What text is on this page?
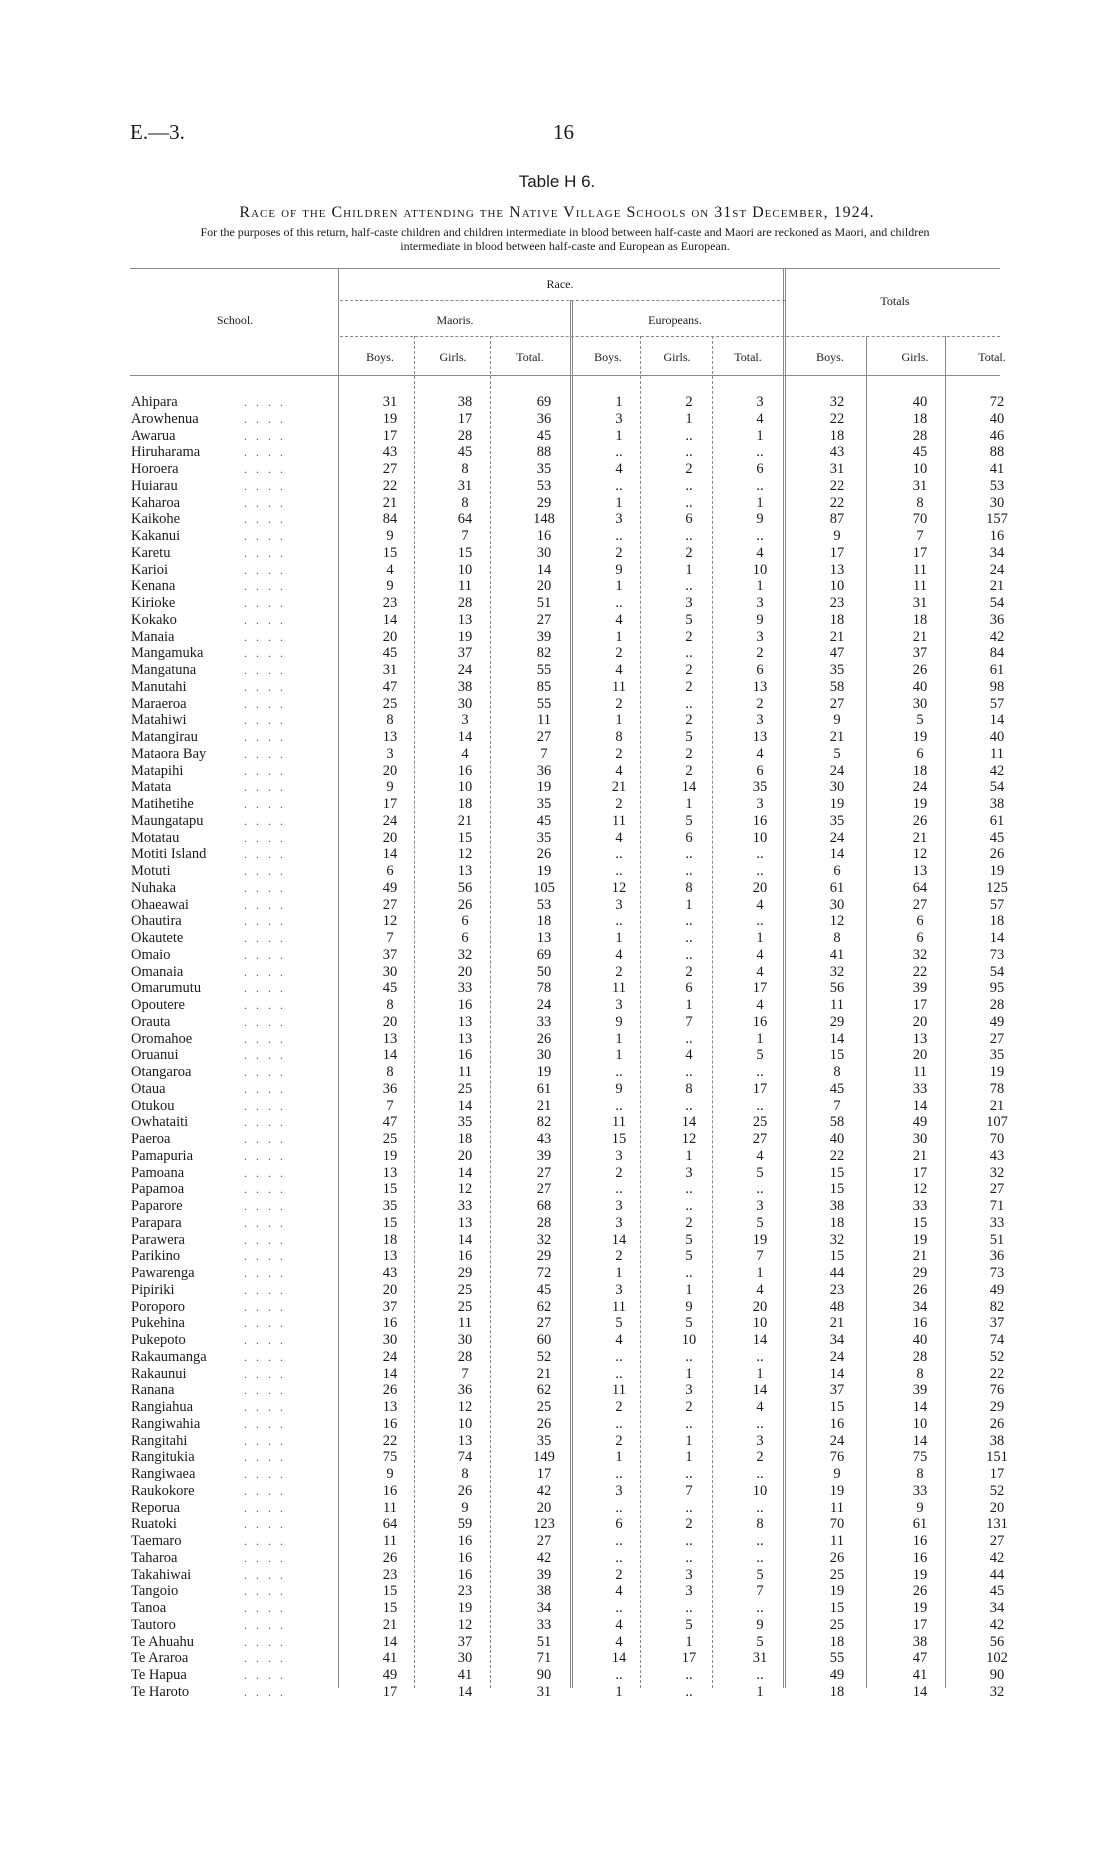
E.—3.	16
Table H 6.
Race of the Children attending the Native Village Schools on 31st December, 1924.
For the purposes of this return, half-caste children and children intermediate in blood between half-caste and Maori are reckoned as Maori, and children intermediate in blood between half-caste and European as European.
School.
Race.
Maoris.	Europeans.
Totals
Boys.	Girls.	Total.	Boys.	Girls.	Total.	Boys.	Girls.	Total.
Ahipara	. . . .	31	38	69	1	2	3	32	40	72
Arowhenua	. . . .	19	17	36	3	1	4	22	18	40
Awarua	. . . .	17	28	45	1	..	1	18	28	46
Hiruharama	. . . .	43	45	88	..	..	..	43	45	88
Horoera	. . . .	27	8	35	4	2	6	31	10	41
Huiarau	. . . .	22	31	53	..	..	..	22	31	53
Kaharoa	. . . .	21	8	29	1	..	1	22	8	30
Kaikohe	. . . .	84	64	148	3	6	9	87	70	157
Kakanui	. . . .	9	7	16	..	..	..	9	7	16
Karetu	. . . .	15	15	30	2	2	4	17	17	34
Karioi	. . . .	4	10	14	9	1	10	13	11	24
Kenana	. . . .	9	11	20	1	..	1	10	11	21
Kirioke	. . . .	23	28	51	..	3	3	23	31	54
Kokako	. . . .	14	13	27	4	5	9	18	18	36
Manaia	. . . .	20	19	39	1	2	3	21	21	42
Mangamuka	. . . .	45	37	82	2	..	2	47	37	84
Mangatuna	. . . .	31	24	55	4	2	6	35	26	61
Manutahi	. . . .	47	38	85	11	2	13	58	40	98
Maraeroa	. . . .	25	30	55	2	..	2	27	30	57
Matahiwi	. . . .	8	3	11	1	2	3	9	5	14
Matangirau	. . . .	13	14	27	8	5	13	21	19	40
Mataora Bay	. . . .	3	4	7	2	2	4	5	6	11
Matapihi	. . . .	20	16	36	4	2	6	24	18	42
Matata	. . . .	9	10	19	21	14	35	30	24	54
Matihetihe	. . . .	17	18	35	2	1	3	19	19	38
Maungatapu	. . . .	24	21	45	11	5	16	35	26	61
Motatau	. . . .	20	15	35	4	6	10	24	21	45
Motiti Island	. . . .	14	12	26	..	..	..	14	12	26
Motuti	. . . .	6	13	19	..	..	..	6	13	19
Nuhaka	. . . .	49	56	105	12	8	20	61	64	125
Ohaeawai	. . . .	27	26	53	3	1	4	30	27	57
Ohautira	. . . .	12	6	18	..	..	..	12	6	18
Okautete	. . . .	7	6	13	1	..	1	8	6	14
Omaio	. . . .	37	32	69	4	..	4	41	32	73
Omanaia	. . . .	30	20	50	2	2	4	32	22	54
Omarumutu	. . . .	45	33	78	11	6	17	56	39	95
Opoutere	. . . .	8	16	24	3	1	4	11	17	28
Orauta	. . . .	20	13	33	9	7	16	29	20	49
Oromahoe	. . . .	13	13	26	1	..	1	14	13	27
Oruanui	. . . .	14	16	30	1	4	5	15	20	35
Otangaroa	. . . .	8	11	19	..	..	..	8	11	19
Otaua	. . . .	36	25	61	9	8	17	45	33	78
Otukou	. . . .	7	14	21	..	..	..	7	14	21
Owhataiti	. . . .	47	35	82	11	14	25	58	49	107
Paeroa	. . . .	25	18	43	15	12	27	40	30	70
Pamapuria	. . . .	19	20	39	3	1	4	22	21	43
Pamoana	. . . .	13	14	27	2	3	5	15	17	32
Papamoa	. . . .	15	12	27	..	..	..	15	12	27
Paparore	. . . .	35	33	68	3	..	3	38	33	71
Parapara	. . . .	15	13	28	3	2	5	18	15	33
Parawera	. . . .	18	14	32	14	5	19	32	19	51
Parikino	. . . .	13	16	29	2	5	7	15	21	36
Pawarenga	. . . .	43	29	72	1	..	1	44	29	73
Pipiriki	. . . .	20	25	45	3	1	4	23	26	49
Poroporo	. . . .	37	25	62	11	9	20	48	34	82
Pukehina	. . . .	16	11	27	5	5	10	21	16	37
Pukepoto	. . . .	30	30	60	4	10	14	34	40	74
Rakaumanga	. . . .	24	28	52	..	..	..	24	28	52
Rakaunui	. . . .	14	7	21	..	1	1	14	8	22
Ranana	. . . .	26	36	62	11	3	14	37	39	76
Rangiahua	. . . .	13	12	25	2	2	4	15	14	29
Rangiwahia	. . . .	16	10	26	..	..	..	16	10	26
Rangitahi	. . . .	22	13	35	2	1	3	24	14	38
Rangitukia	. . . .	75	74	149	1	1	2	76	75	151
Rangiwaea	. . . .	9	8	17	..	..	..	9	8	17
Raukokore	. . . .	16	26	42	3	7	10	19	33	52
Reporua	. . . .	11	9	20	..	..	..	11	9	20
Ruatoki	. . . .	64	59	123	6	2	8	70	61	131
Taemaro	. . . .	11	16	27	..	..	..	11	16	27
Taharoa	. . . .	26	16	42	..	..	..	26	16	42
Takahiwai	. . . .	23	16	39	2	3	5	25	19	44
Tangoio	. . . .	15	23	38	4	3	7	19	26	45
Tanoa	. . . .	15	19	34	..	..	..	15	19	34
Tautoro	. . . .	21	12	33	4	5	9	25	17	42
Te Ahuahu	. . . .	14	37	51	4	1	5	18	38	56
Te Araroa	. . . .	41	30	71	14	17	31	55	47	102
Te Hapua	. . . .	49	41	90	..	..	..	49	41	90
Te Haroto	. . . .	17	14	31	1	..	1	18	14	32
